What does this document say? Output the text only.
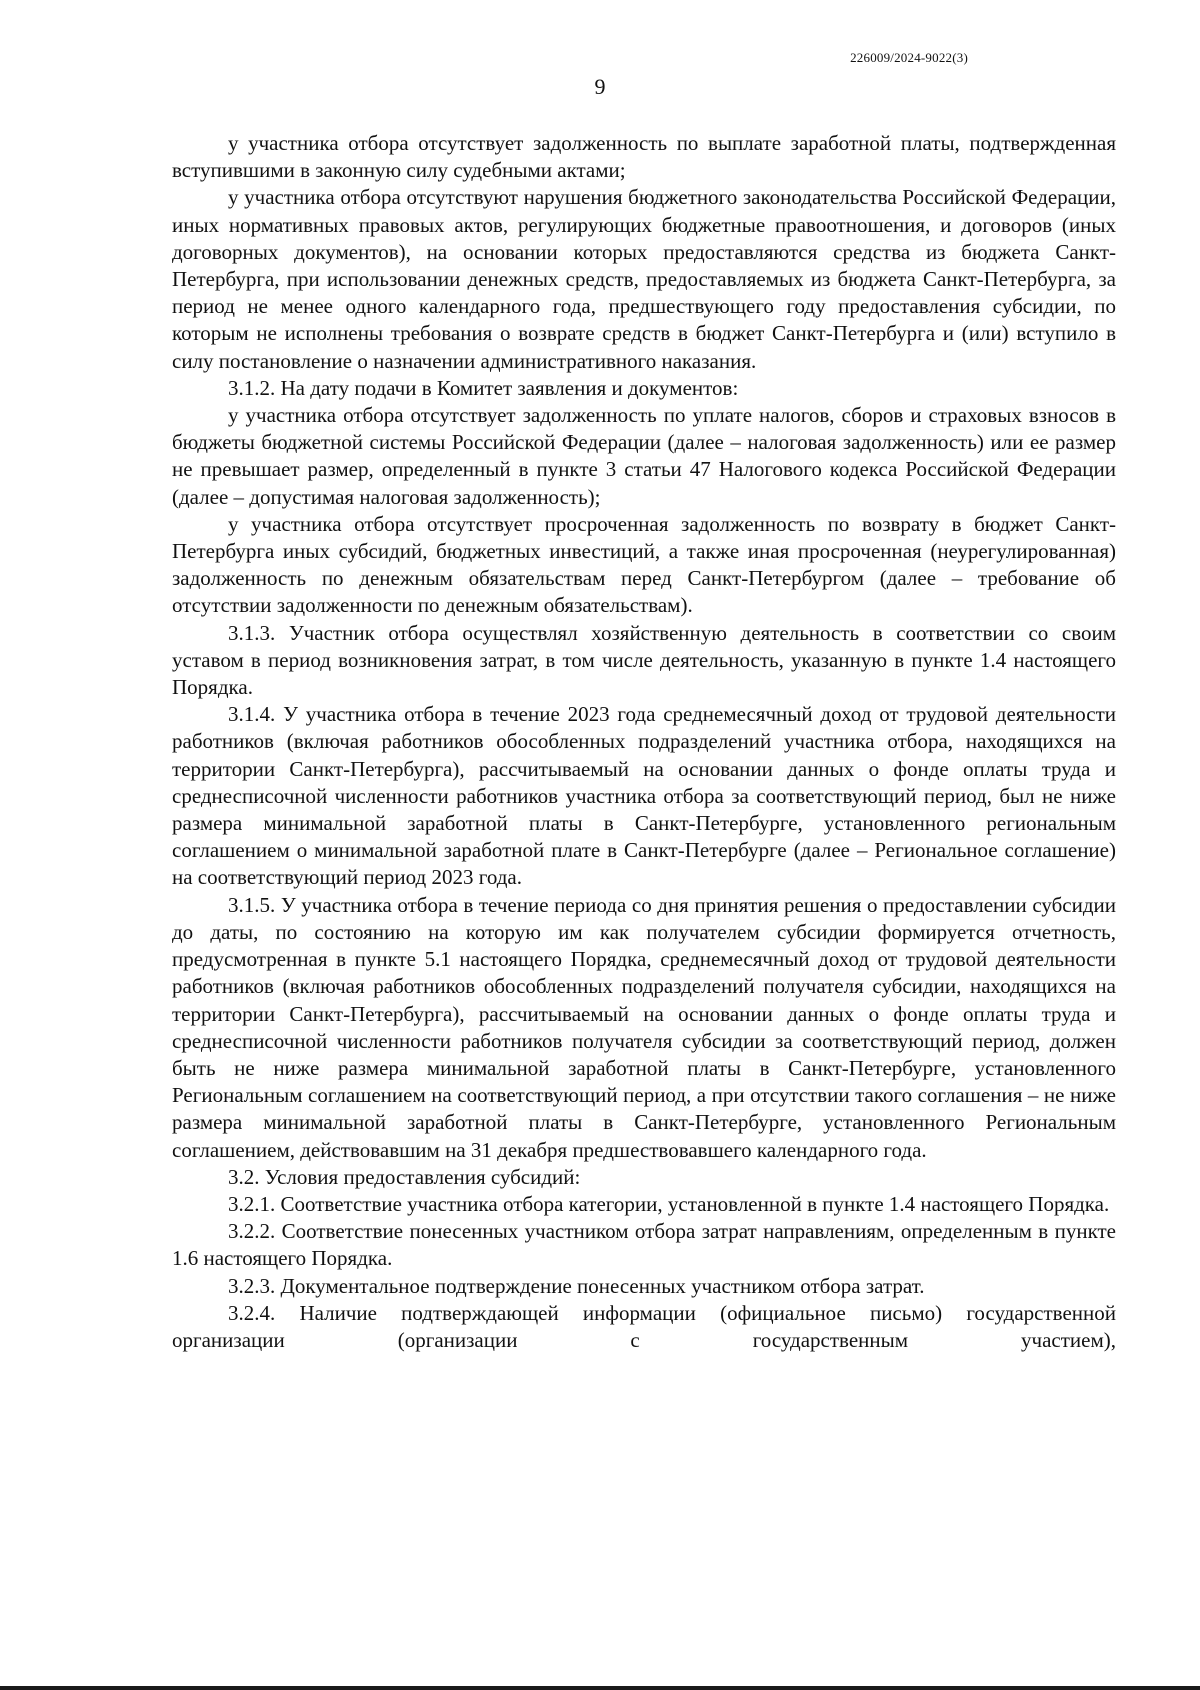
226009/2024-9022(3)
9

у участника отбора отсутствует задолженность по выплате заработной платы, подтвержденная вступившими в законную силу судебными актами;

у участника отбора отсутствуют нарушения бюджетного законодательства Российской Федерации, иных нормативных правовых актов, регулирующих бюджетные правоотношения, и договоров (иных договорных документов), на основании которых предоставляются средства из бюджета Санкт-Петербурга, при использовании денежных средств, предоставляемых из бюджета Санкт-Петербурга, за период не менее одного календарного года, предшествующего году предоставления субсидии, по которым не исполнены требования о возврате средств в бюджет Санкт-Петербурга и (или) вступило в силу постановление о назначении административного наказания.

3.1.2. На дату подачи в Комитет заявления и документов:

у участника отбора отсутствует задолженность по уплате налогов, сборов и страховых взносов в бюджеты бюджетной системы Российской Федерации (далее – налоговая задолженность) или ее размер не превышает размер, определенный в пункте 3 статьи 47 Налогового кодекса Российской Федерации (далее – допустимая налоговая задолженность);

у участника отбора отсутствует просроченная задолженность по возврату в бюджет Санкт-Петербурга иных субсидий, бюджетных инвестиций, а также иная просроченная (неурегулированная) задолженность по денежным обязательствам перед Санкт-Петербургом (далее – требование об отсутствии задолженности по денежным обязательствам).

3.1.3. Участник отбора осуществлял хозяйственную деятельность в соответствии со своим уставом в период возникновения затрат, в том числе деятельность, указанную в пункте 1.4 настоящего Порядка.

3.1.4. У участника отбора в течение 2023 года среднемесячный доход от трудовой деятельности работников (включая работников обособленных подразделений участника отбора, находящихся на территории Санкт-Петербурга), рассчитываемый на основании данных о фонде оплаты труда и среднесписочной численности работников участника отбора за соответствующий период, был не ниже размера минимальной заработной платы в Санкт-Петербурге, установленного региональным соглашением о минимальной заработной плате в Санкт-Петербурге (далее – Региональное соглашение) на соответствующий период 2023 года.

3.1.5. У участника отбора в течение периода со дня принятия решения о предоставлении субсидии до даты, по состоянию на которую им как получателем субсидии формируется отчетность, предусмотренная в пункте 5.1 настоящего Порядка, среднемесячный доход от трудовой деятельности работников (включая работников обособленных подразделений получателя субсидии, находящихся на территории Санкт-Петербурга), рассчитываемый на основании данных о фонде оплаты труда и среднесписочной численности работников получателя субсидии за соответствующий период, должен быть не ниже размера минимальной заработной платы в Санкт-Петербурге, установленного Региональным соглашением на соответствующий период, а при отсутствии такого соглашения – не ниже размера минимальной заработной платы в Санкт-Петербурге, установленного Региональным соглашением, действовавшим на 31 декабря предшествовавшего календарного года.

3.2. Условия предоставления субсидий:

3.2.1. Соответствие участника отбора категории, установленной в пункте 1.4 настоящего Порядка.

3.2.2. Соответствие понесенных участником отбора затрат направлениям, определенным в пункте 1.6 настоящего Порядка.

3.2.3. Документальное подтверждение понесенных участником отбора затрат.

3.2.4. Наличие подтверждающей информации (официальное письмо) государственной организации (организации с государственным участием),
